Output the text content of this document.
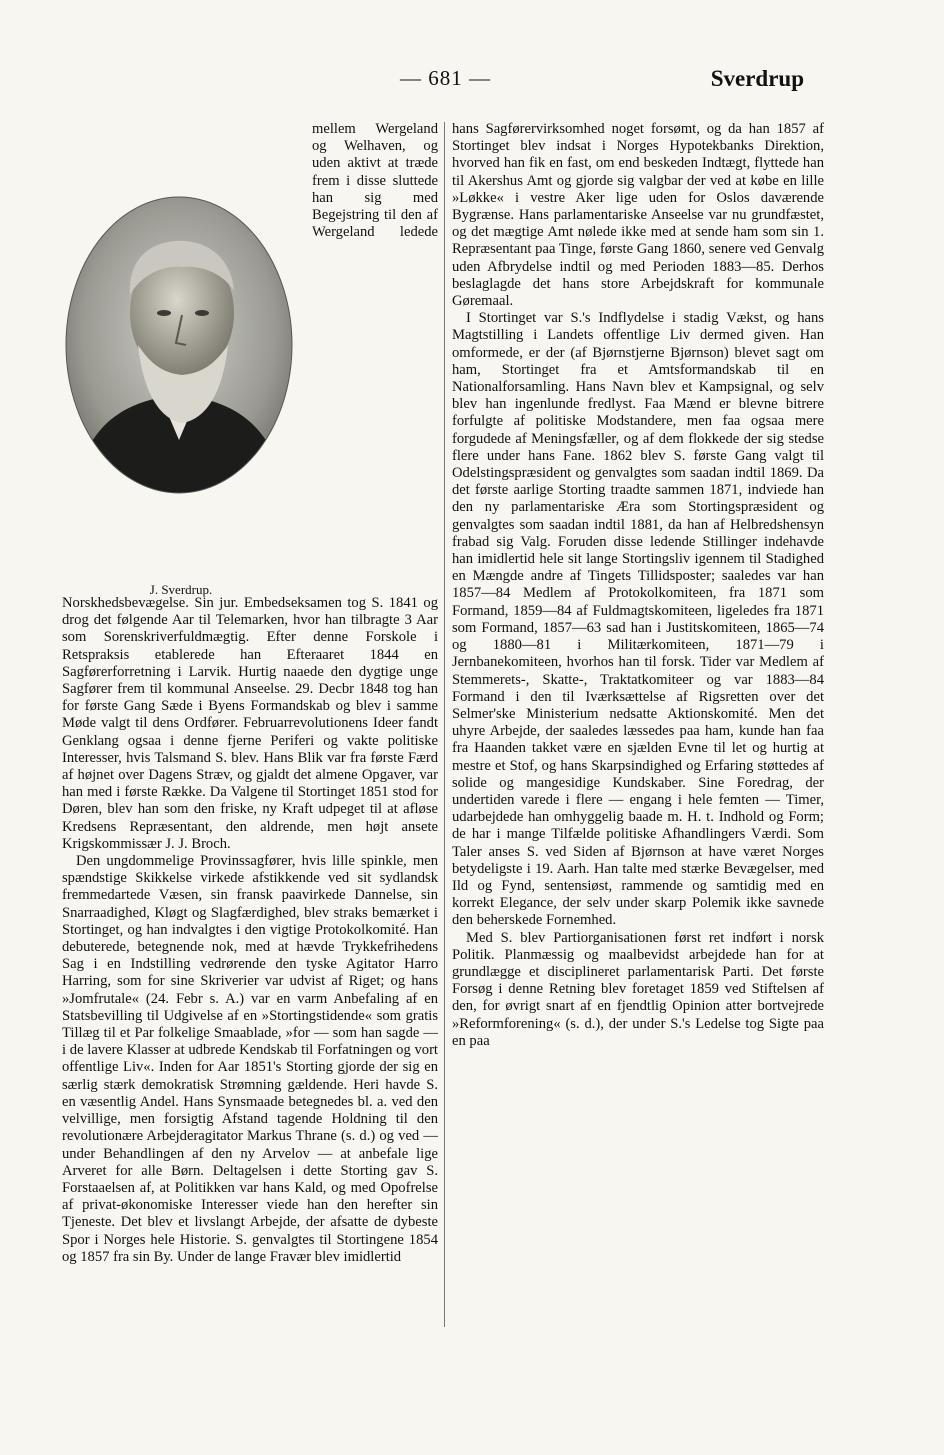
— 681 —	Sverdrup

J. Sverdrup.
mellem Wergeland og Welhaven, og uden aktivt at træde frem i disse sluttede han sig med Begejstring til den af Wergeland ledede Norskhedsbevægelse. Sin jur. Embedseksamen tog S. 1841 og drog det følgende Aar til Telemarken, hvor han tilbragte 3 Aar som Sorenskriverfuldmægtig. Efter denne Forskole i Retspraksis etablerede han Efteraaret 1844 en Sagførerforretning i Larvik. Hurtig naaede den dygtige unge Sagfører frem til kommunal Anseelse. 29. Decbr 1848 tog han for første Gang Sæde i Byens Formandskab og blev i samme Møde valgt til dens Ordfører. Februarrevolutionens Ideer fandt Genklang ogsaa i denne fjerne Periferi og vakte politiske Interesser, hvis Talsmand S. blev. Hans Blik var fra første Færd af højnet over Dagens Stræv, og gjaldt det almene Opgaver, var han med i første Række. Da Valgene til Stortinget 1851 stod for Døren, blev han som den friske, ny Kraft udpeget til at afløse Kredsens Repræsentant, den aldrende, men højt ansete Krigskommissær J. J. Broch.

Den ungdommelige Provinssagfører, hvis lille spinkle, men spændstige Skikkelse virkede afstikkende ved sit sydlandsk fremmedartede Væsen, sin fransk paavirkede Dannelse, sin Snarraadighed, Kløgt og Slagfærdighed, blev straks bemærket i Stortinget, og han indvalgtes i den vigtige Protokolkomité. Han debuterede, betegnende nok, med at hævde Trykkefrihedens Sag i en Indstilling vedrørende den tyske Agitator Harro Harring, som for sine Skriverier var udvist af Riget; og hans »Jomfrutale« (24. Febr s. A.) var en varm Anbefaling af en Statsbevilling til Udgivelse af en »Stortingstidende« som gratis Tillæg til et Par folkelige Smaablade, »for — som han sagde — i de lavere Klasser at udbrede Kendskab til Forfatningen og vort offentlige Liv«. Inden for Aar 1851's Storting gjorde der sig en særlig stærk demokratisk Strømning gældende. Heri havde S. en væsentlig Andel. Hans Synsmaade betegnedes bl. a. ved den velvillige, men forsigtig Afstand tagende Holdning til den revolutionære Arbejderagitator Markus Thrane (s. d.) og ved — under Behandlingen af den ny Arvelov — at anbefale lige Arveret for alle Børn. Deltagelsen i dette Storting gav S. Forstaaelsen af, at Politikken var hans Kald, og med Opofrelse af privat-økonomiske Interesser viede han den herefter sin Tjeneste. Det blev et livslangt Arbejde, der afsatte de dybeste Spor i Norges hele Historie. S. genvalgtes til Stortingene 1854 og 1857 fra sin By. Under de lange Fravær blev imidlertid

hans Sagførervirksomhed noget forsømt, og da han 1857 af Stortinget blev indsat i Norges Hypotekbanks Direktion, hvorved han fik en fast, om end beskeden Indtægt, flyttede han til Akershus Amt og gjorde sig valgbar der ved at købe en lille »Løkke« i vestre Aker lige uden for Oslos daværende Bygrænse. Hans parlamentariske Anseelse var nu grundfæstet, og det mægtige Amt nølede ikke med at sende ham som sin 1. Repræsentant paa Tinge, første Gang 1860, senere ved Genvalg uden Afbrydelse indtil og med Perioden 1883—85. Derhos beslaglagde det hans store Arbejdskraft for kommunale Gøremaal.

I Stortinget var S.'s Indflydelse i stadig Vækst, og hans Magtstilling i Landets offentlige Liv dermed given. Han omformede, er der (af Bjørnstjerne Bjørnson) blevet sagt om ham, Stortinget fra et Amtsformandskab til en Nationalforsamling. Hans Navn blev et Kampsignal, og selv blev han ingenlunde fredlyst. Faa Mænd er blevne bitrere forfulgte af politiske Modstandere, men faa ogsaa mere forgudede af Meningsfæller, og af dem flokkede der sig stedse flere under hans Fane. 1862 blev S. første Gang valgt til Odelstingspræsident og genvalgtes som saadan indtil 1869. Da det første aarlige Storting traadte sammen 1871, indviede han den ny parlamentariske Æra som Stortingspræsident og genvalgtes som saadan indtil 1881, da han af Helbredshensyn frabad sig Valg. Foruden disse ledende Stillinger indehavde han imidlertid hele sit lange Stortingsliv igennem til Stadighed en Mængde andre af Tingets Tillidsposter; saaledes var han 1857—84 Medlem af Protokolkomiteen, fra 1871 som Formand, 1859—84 af Fuldmagtskomiteen, ligeledes fra 1871 som Formand, 1857—63 sad han i Justitskomiteen, 1865—74 og 1880—81 i Militærkomiteen, 1871—79 i Jernbanekomiteen, hvorhos han til forsk. Tider var Medlem af Stemmerets-, Skatte-, Traktatkomiteer og var 1883—84 Formand i den til Iværksættelse af Rigsretten over det Selmer'ske Ministerium nedsatte Aktionskomité. Men det uhyre Arbejde, der saaledes læssedes paa ham, kunde han faa fra Haanden takket være en sjælden Evne til let og hurtig at mestre et Stof, og hans Skarpsindighed og Erfaring støttedes af solide og mangesidige Kundskaber. Sine Foredrag, der undertiden varede i flere — engang i hele femten — Timer, udarbejdede han omhyggelig baade m. H. t. Indhold og Form; de har i mange Tilfælde politiske Afhandlingers Værdi. Som Taler anses S. ved Siden af Bjørnson at have været Norges betydeligste i 19. Aarh. Han talte med stærke Bevægelser, med Ild og Fynd, sentensiøst, rammende og samtidig med en korrekt Elegance, der selv under skarp Polemik ikke savnede den beherskede Fornemhed.

Med S. blev Partiorganisationen først ret indført i norsk Politik. Planmæssig og maalbevidst arbejdede han for at grundlægge et disciplineret parlamentarisk Parti. Det første Forsøg i denne Retning blev foretaget 1859 ved Stiftelsen af den, for øvrigt snart af en fjendtlig Opinion atter bortvejrede »Reformforening« (s. d.), der under S.'s Ledelse tog Sigte paa en paa
